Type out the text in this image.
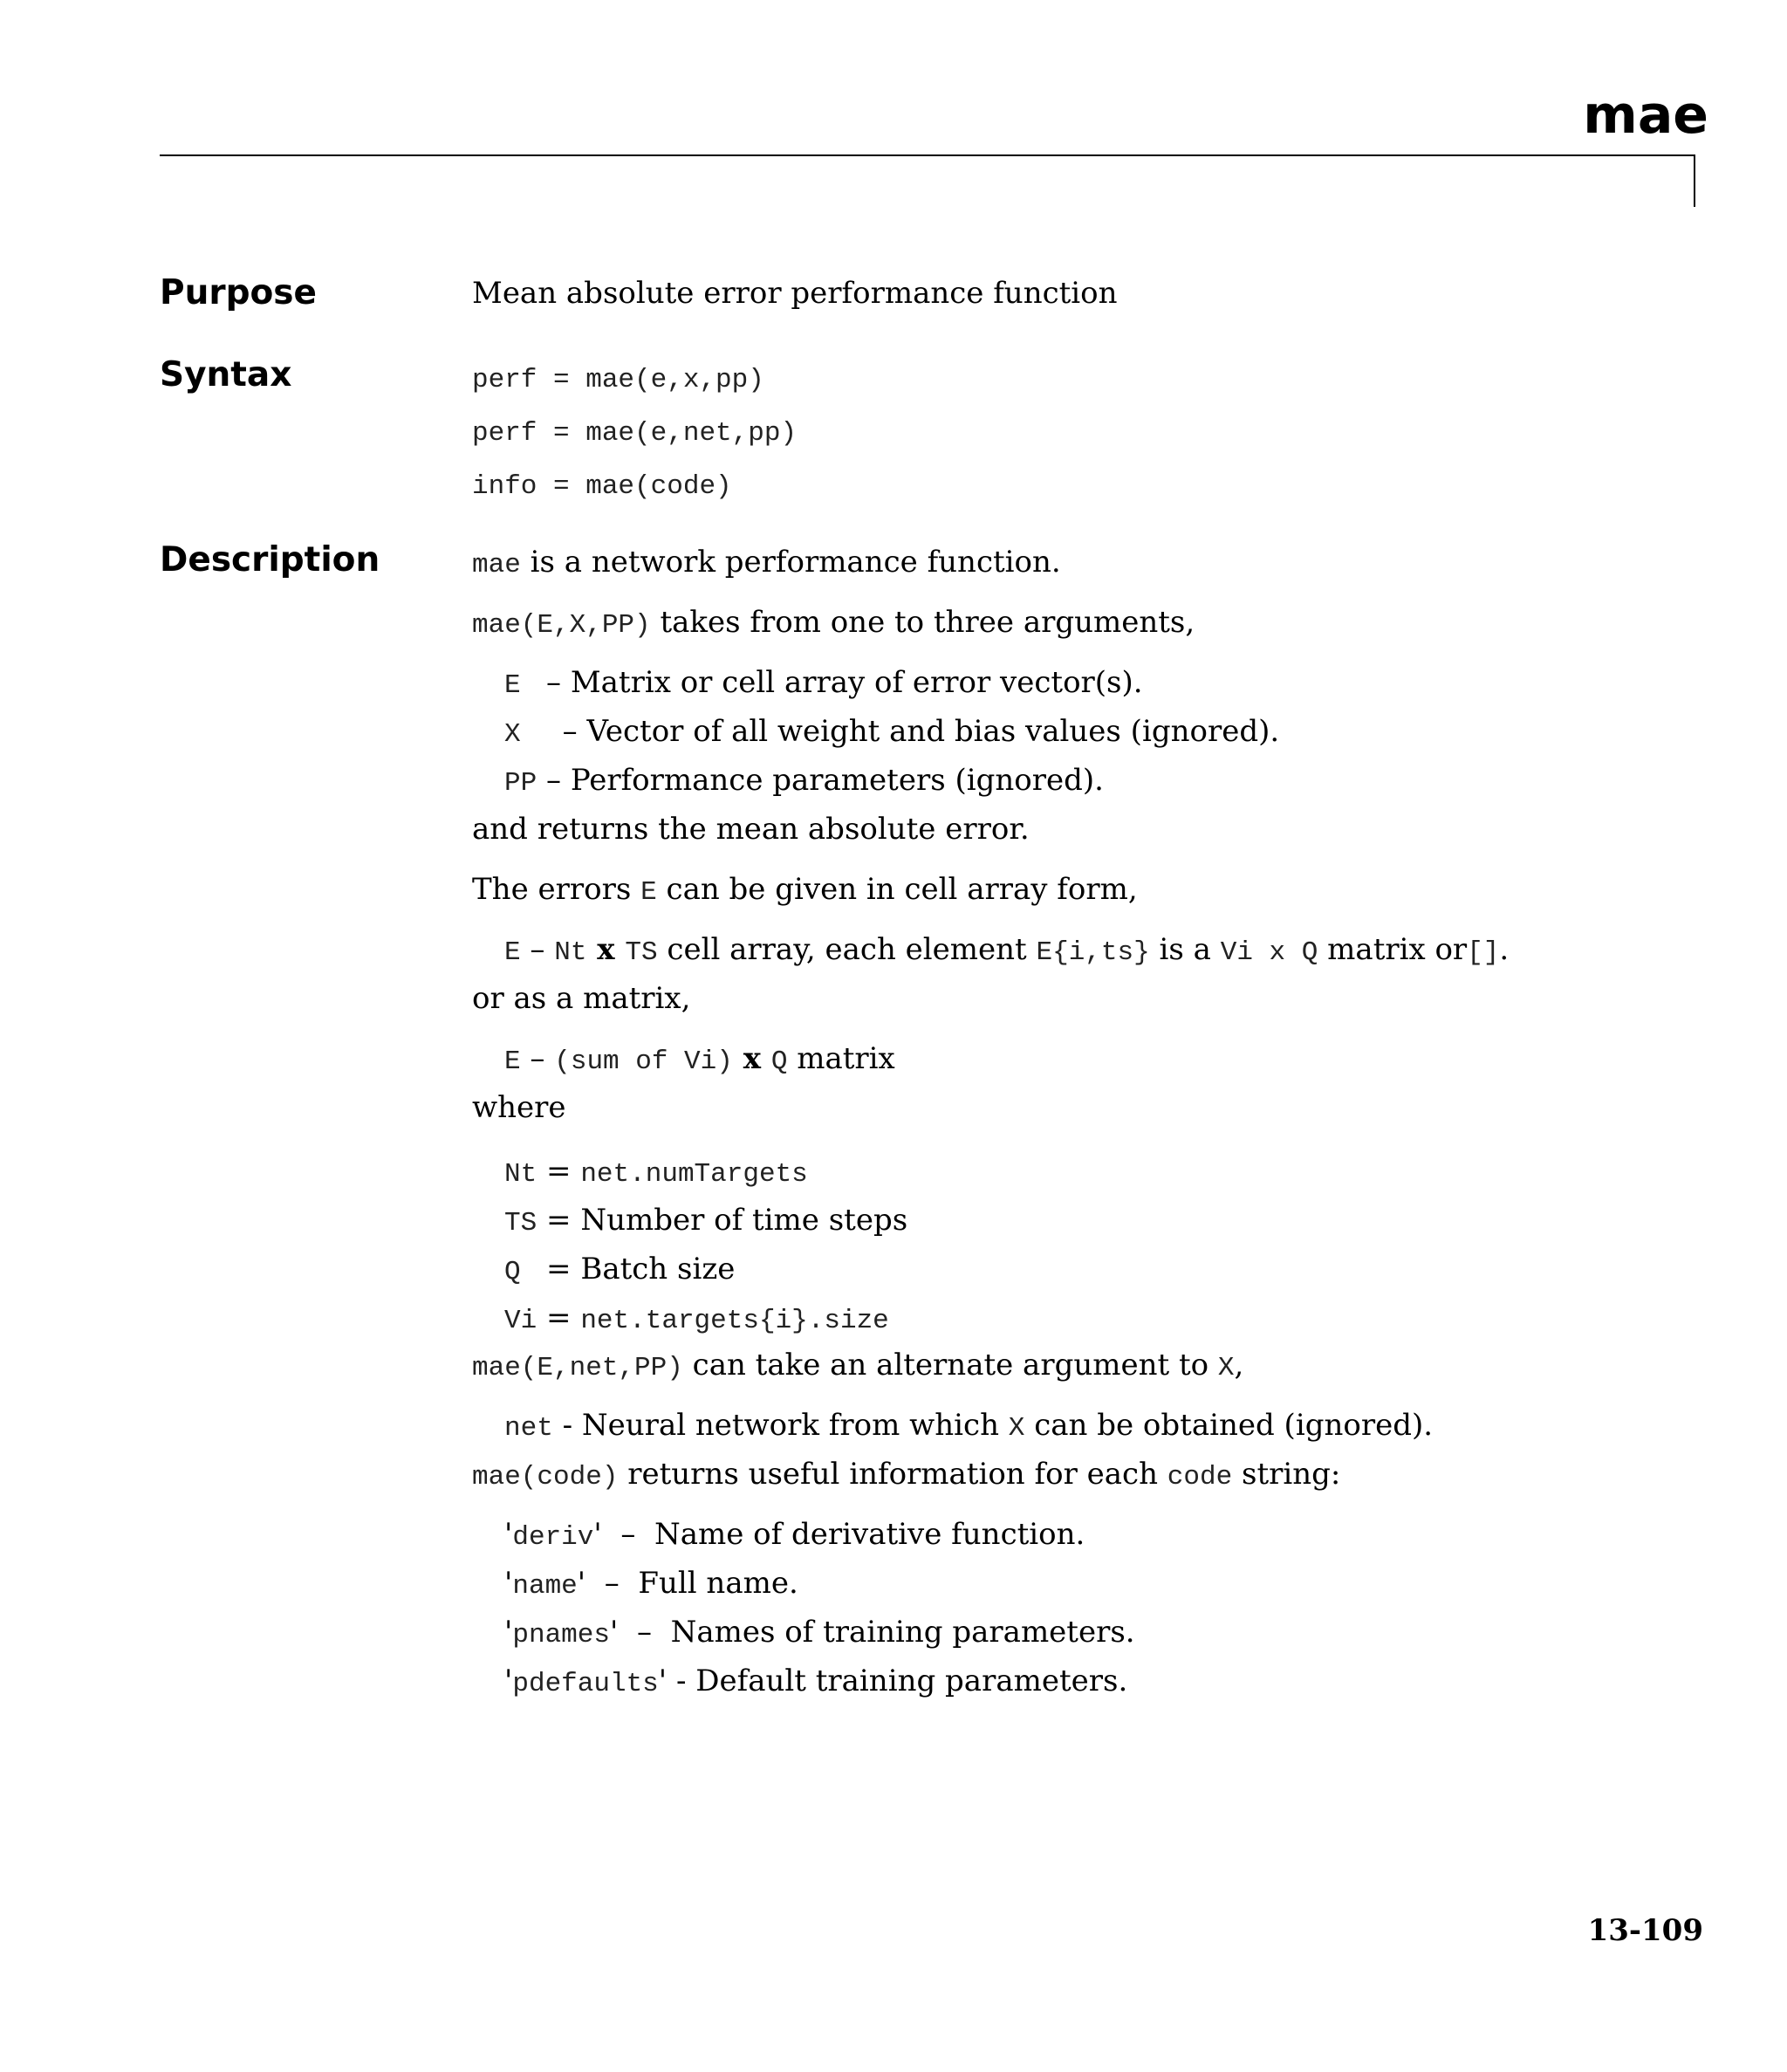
mae
Purpose	Mean absolute error performance function
Syntax	perf = mae(e,x,pp)
perf = mae(e,net,pp)
info = mae(code)
Description	mae is a network performance function.
mae(E,X,PP) takes from one to three arguments,
E  – Matrix or cell array of error vector(s).
X   – Vector of all weight and bias values (ignored).
PP – Performance parameters (ignored).
and returns the mean absolute error.
The errors E can be given in cell array form,
E – Nt x TS cell array, each element E{i,ts} is a Vi x Q matrix or[].
or as a matrix,
E – (sum of Vi) x Q matrix
where
Nt = net.numTargets
TS = Number of time steps
Q  = Batch size
Vi = net.targets{i}.size
mae(E,net,PP) can take an alternate argument to X,
net - Neural network from which X can be obtained (ignored).
mae(code) returns useful information for each code string:
'deriv'  –  Name of derivative function.
'name'  –  Full name.
'pnames'  –  Names of training parameters.
'pdefaults' - Default training parameters.
13-109
